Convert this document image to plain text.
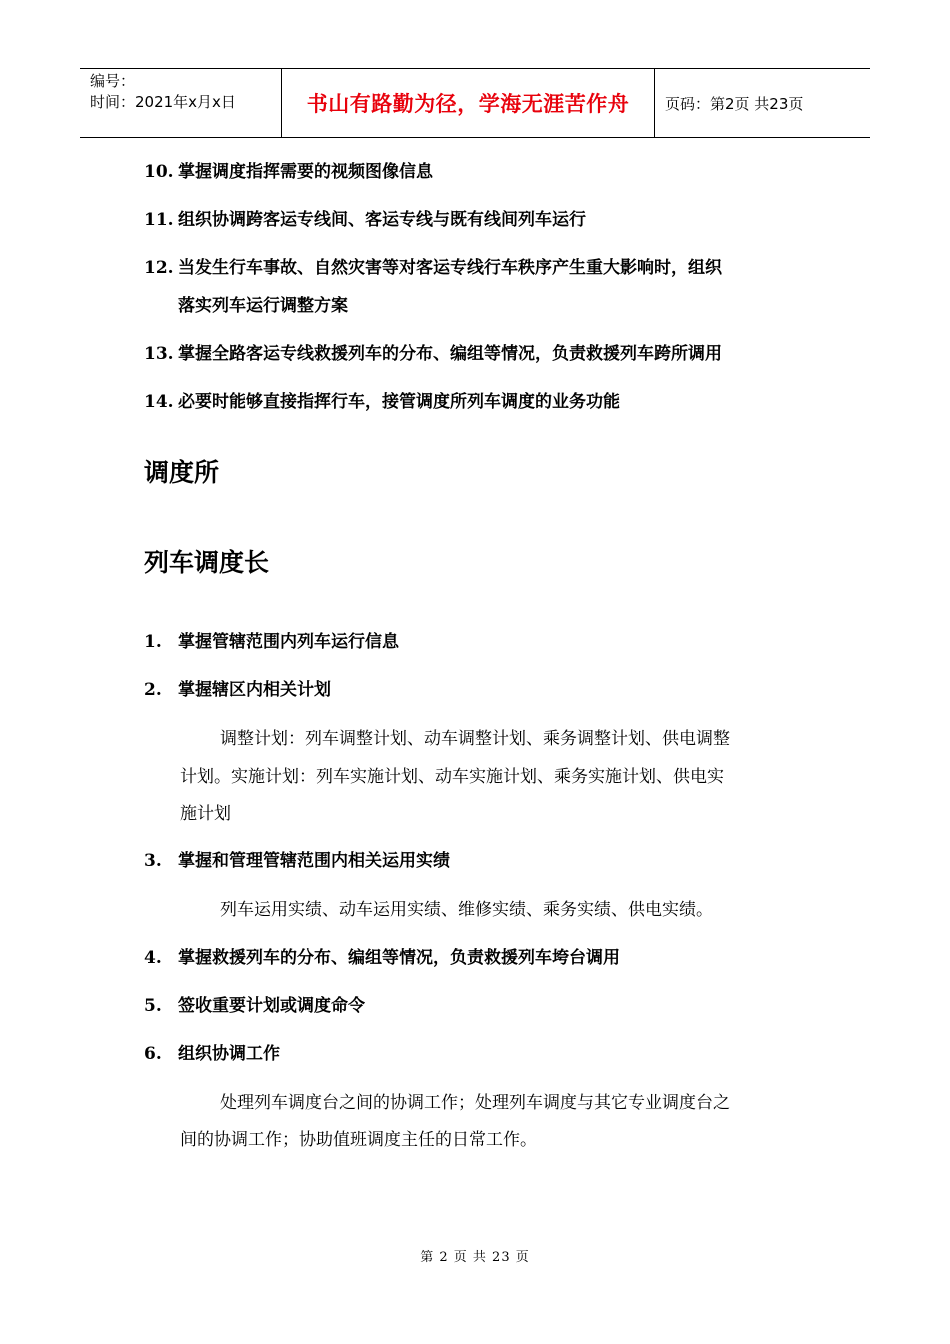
编号：
时间：2021年x月x日	书山有路勤为径，学海无涯苦作舟	页码：第2页 共23页
10. 掌握调度指挥需要的视频图像信息
11. 组织协调跨客运专线间、客运专线与既有线间列车运行
12. 当发生行车事故、自然灾害等对客运专线行车秩序产生重大影响时，组织
落实列车运行调整方案
13. 掌握全路客运专线救援列车的分布、编组等情况，负责救援列车跨所调用
14. 必要时能够直接指挥行车，接管调度所列车调度的业务功能
调度所
列车调度长
1. 掌握管辖范围内列车运行信息
2. 掌握辖区内相关计划
调整计划：列车调整计划、动车调整计划、乘务调整计划、供电调整
计划。实施计划：列车实施计划、动车实施计划、乘务实施计划、供电实
施计划
3. 掌握和管理管辖范围内相关运用实绩
列车运用实绩、动车运用实绩、维修实绩、乘务实绩、供电实绩。
4. 掌握救援列车的分布、编组等情况，负责救援列车垮台调用
5. 签收重要计划或调度命令
6. 组织协调工作
处理列车调度台之间的协调工作；处理列车调度与其它专业调度台之
间的协调工作；协助值班调度主任的日常工作。
第 2 页 共 23 页
